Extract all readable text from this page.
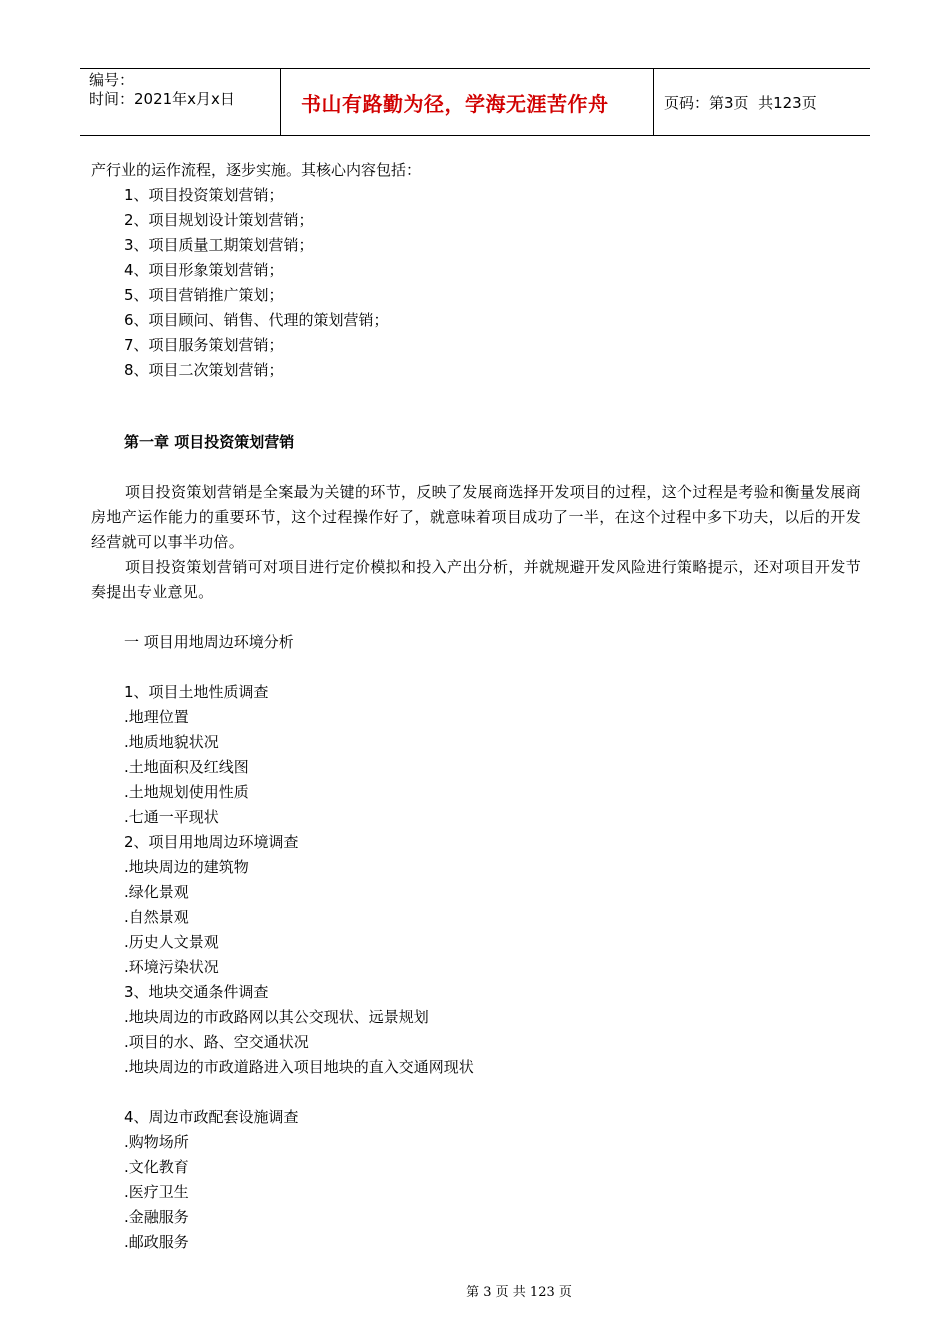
编号：
时间：2021年x月x日	书山有路勤为径，学海无涯苦作舟	页码：第3页  共123页
产行业的运作流程，逐步实施。其核心内容包括：
1、项目投资策划营销；
2、项目规划设计策划营销；
3、项目质量工期策划营销；
4、项目形象策划营销；
5、项目营销推广策划；
6、项目顾问、销售、代理的策划营销；
7、项目服务策划营销；
8、项目二次策划营销；
第一章 项目投资策划营销
项目投资策划营销是全案最为关键的环节，反映了发展商选择开发项目的过程，这个过程是考验和衡量发展商房地产运作能力的重要环节，这个过程操作好了，就意味着项目成功了一半，在这个过程中多下功夫，以后的开发经营就可以事半功倍。
项目投资策划营销可对项目进行定价模拟和投入产出分析，并就规避开发风险进行策略提示，还对项目开发节奏提出专业意见。
一 项目用地周边环境分析
1、项目土地性质调查
.地理位置
.地质地貌状况
.土地面积及红线图
.土地规划使用性质
.七通一平现状
2、项目用地周边环境调查
.地块周边的建筑物
.绿化景观
.自然景观
.历史人文景观
.环境污染状况
3、地块交通条件调查
.地块周边的市政路网以其公交现状、远景规划
.项目的水、路、空交通状况
.地块周边的市政道路进入项目地块的直入交通网现状
4、周边市政配套设施调查
.购物场所
.文化教育
.医疗卫生
.金融服务
.邮政服务
第 3 页 共 123 页
